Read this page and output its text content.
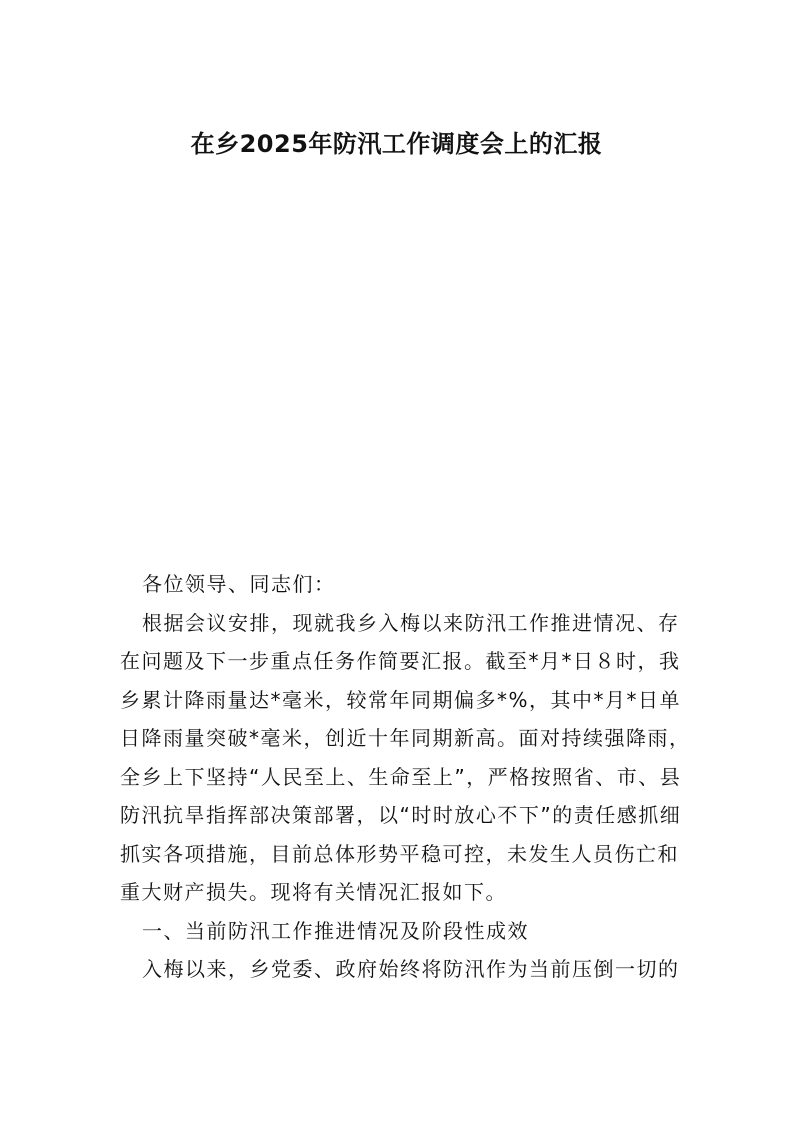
在乡2025年防汛工作调度会上的汇报
各位领导、同志们：
根据会议安排，现就我乡入梅以来防汛工作推进情况、存
在问题及下一步重点任务作简要汇报。截至*月*日８时，我
乡累计降雨量达*毫米，较常年同期偏多*%，其中*月*日单
日降雨量突破*毫米，创近十年同期新高。面对持续强降雨，
全乡上下坚持“人民至上、生命至上”，严格按照省、市、县
防汛抗旱指挥部决策部署，以“时时放心不下”的责任感抓细
抓实各项措施，目前总体形势平稳可控，未发生人员伤亡和
重大财产损失。现将有关情况汇报如下。
一、当前防汛工作推进情况及阶段性成效
入梅以来，乡党委、政府始终将防汛作为当前压倒一切的
